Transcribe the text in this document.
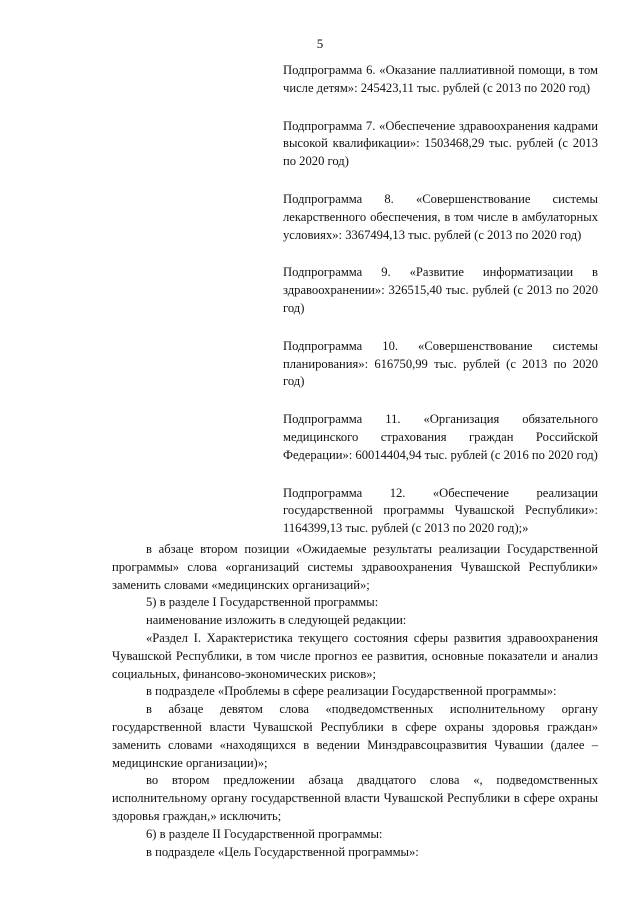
5

Подпрограмма 6. «Оказание паллиативной помощи, в том числе детям»: 245423,11 тыс. рублей (с 2013 по 2020 год)

Подпрограмма 7. «Обеспечение здравоохранения кадрами высокой квалификации»: 1503468,29 тыс. рублей (с 2013 по 2020 год)

Подпрограмма 8. «Совершенствование системы лекарственного обеспечения, в том числе в амбулаторных условиях»: 3367494,13 тыс. рублей (с 2013 по 2020 год)

Подпрограмма 9. «Развитие информатизации в здравоохранении»: 326515,40 тыс. рублей (с 2013 по 2020 год)

Подпрограмма 10. «Совершенствование системы планирования»: 616750,99 тыс. рублей (с 2013 по 2020 год)

Подпрограмма 11. «Организация обязательного медицинского страхования граждан Российской Федерации»: 60014404,94 тыс. рублей (с 2016 по 2020 год)

Подпрограмма 12. «Обеспечение реализации государственной программы Чувашской Республики»: 1164399,13 тыс. рублей (с 2013 по 2020 год);»

в абзаце втором позиции «Ожидаемые результаты реализации Государственной программы» слова «организаций системы здравоохранения Чувашской Республики» заменить словами «медицинских организаций»;

5) в разделе I Государственной программы:

наименование изложить в следующей редакции:

«Раздел I. Характеристика текущего состояния сферы развития здравоохранения Чувашской Республики, в том числе прогноз ее развития, основные показатели и анализ социальных, финансово-экономических рисков»;

в подразделе «Проблемы в сфере реализации Государственной программы»:

в абзаце девятом слова «подведомственных исполнительному органу государственной власти Чувашской Республики в сфере охраны здоровья граждан» заменить словами «находящихся в ведении Минздравсоцразвития Чувашии (далее – медицинские организации)»;

во втором предложении абзаца двадцатого слова «, подведомственных исполнительному органу государственной власти Чувашской Республики в сфере охраны здоровья граждан,» исключить;

6) в разделе II Государственной программы:

в подразделе «Цель Государственной программы»:
